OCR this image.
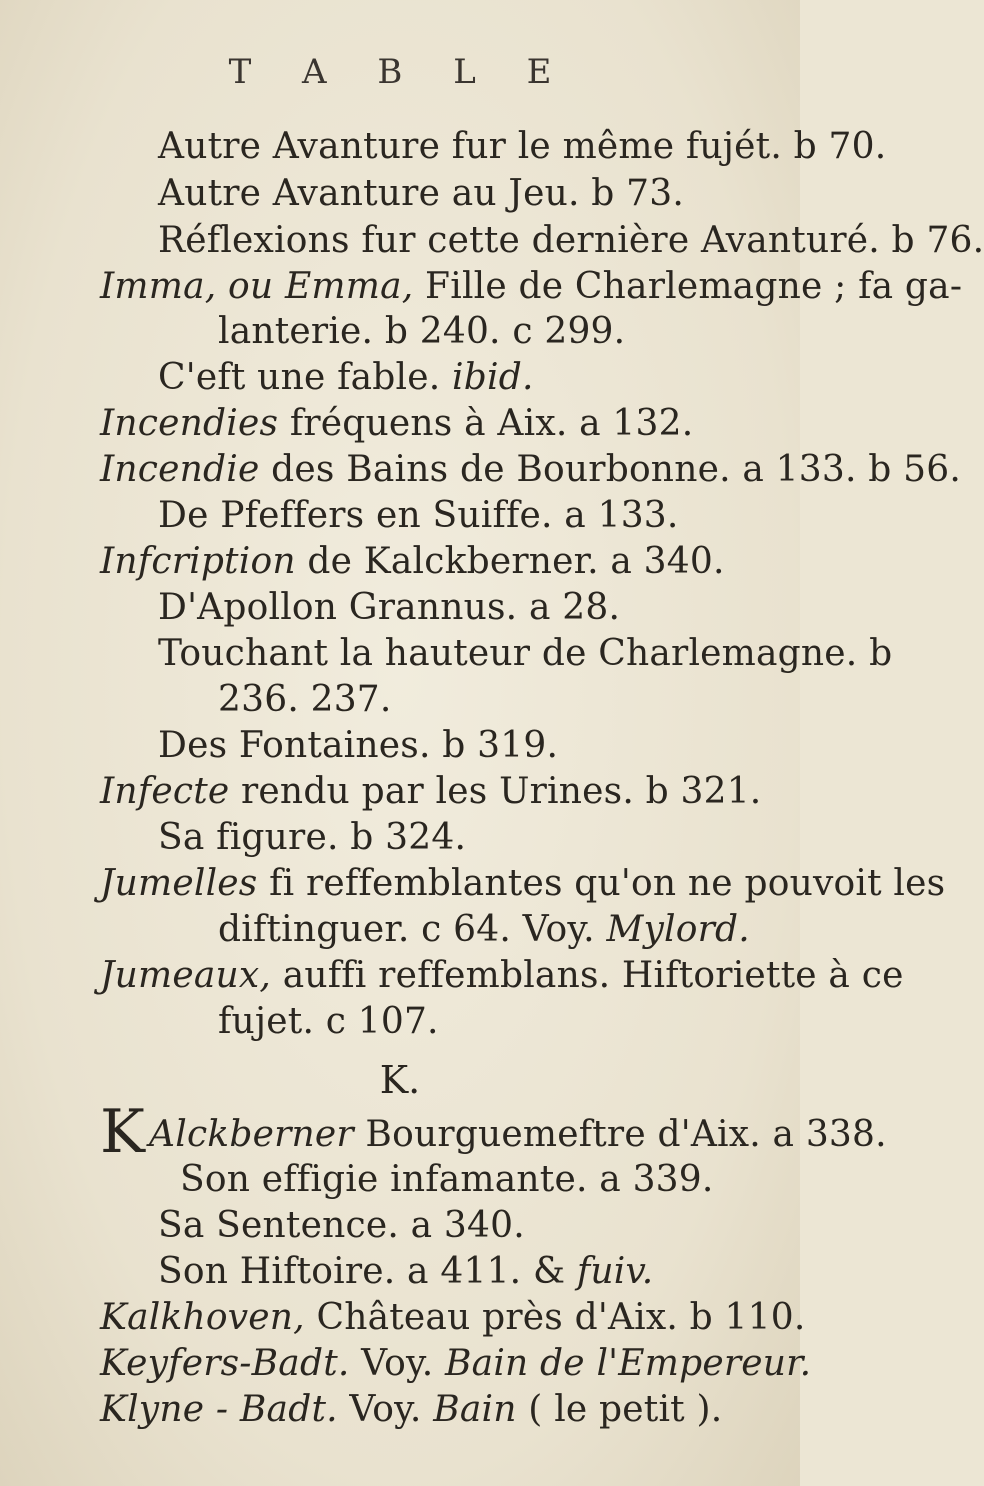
T A B L E
Autre Avanture fur le même fujét. b 70.
Autre Avanture au Jeu. b 73.
Réflexions fur cette dernière Avanturé. b 76.
Imma, ou Emma, Fille de Charlemagne ; fa ga-
lanterie. b 240. c 299.
C'eft une fable. ibid.
Incendies fréquens à Aix. a 132.
Incendie des Bains de Bourbonne. a 133. b 56.
De Pfeffers en Suiffe. a 133.
Infcription de Kalckberner. a 340.
D'Apollon Grannus. a 28.
Touchant la hauteur de Charlemagne. b
236. 237.
Des Fontaines. b 319.
Infecte rendu par les Urines. b 321.
Sa figure. b 324.
Jumelles fi reffemblantes qu'on ne pouvoit les
diftinguer. c 64. Voy. Mylord.
Jumeaux, auffi reffemblans. Hiftoriette à ce
fujet. c 107.
K Alckberner Bourguemeftre d'Aix. a 338.
Son effigie infamante. a 339.
Sa Sentence. a 340.
Son Hiftoire. a 411. & fuiv.
Kalkhoven, Château près d'Aix. b 110.
Keyfers-Badt. Voy. Bain de l'Empereur.
Klyne - Badt. Voy. Bain ( le petit ).
K.
